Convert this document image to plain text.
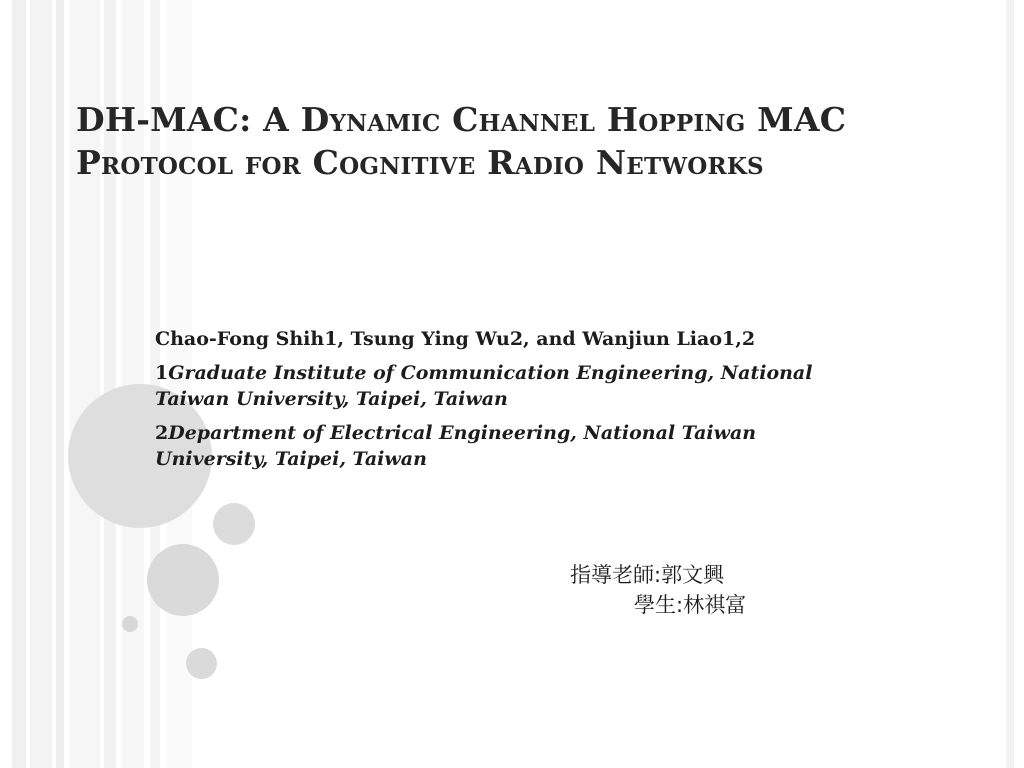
DH-MAC: A Dynamic Channel Hopping MAC Protocol for Cognitive Radio Networks

Chao-Fong Shih1, Tsung Ying Wu2, and Wanjiun Liao1,2

1Graduate Institute of Communication Engineering, National Taiwan University, Taipei, Taiwan

2Department of Electrical Engineering, National Taiwan University, Taipei, Taiwan

指導老師:郭文興
學生:林祺富
